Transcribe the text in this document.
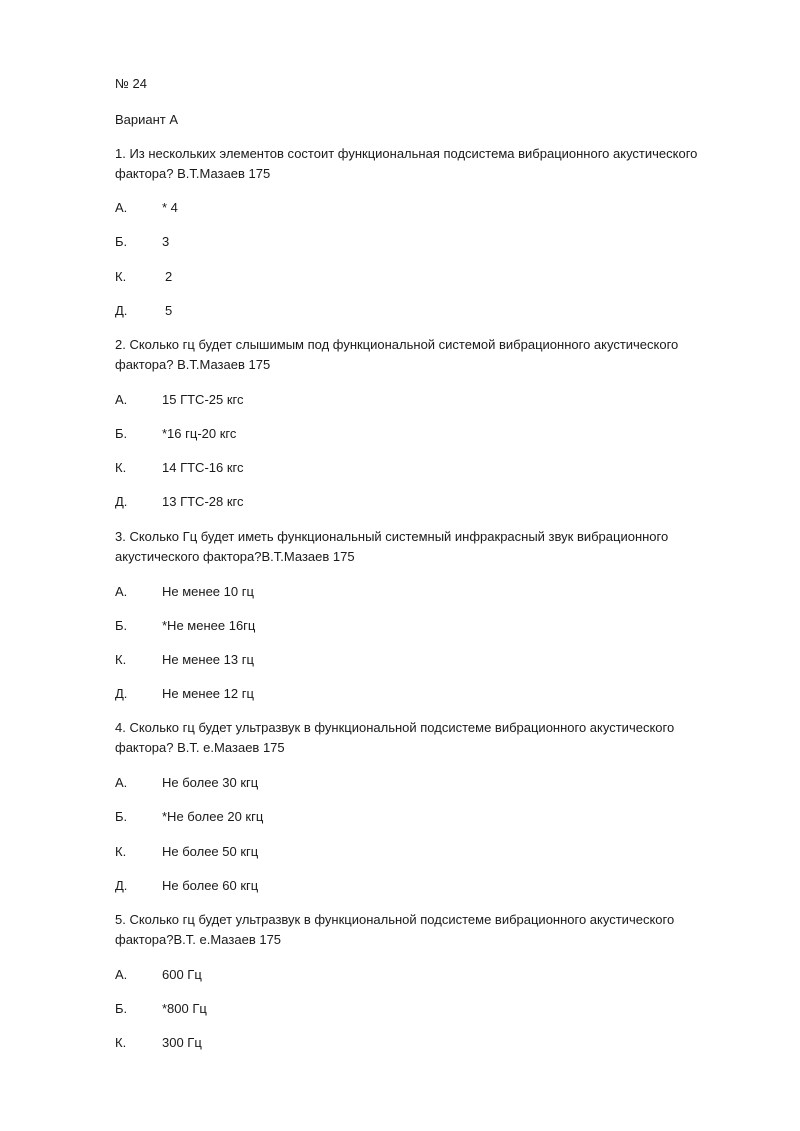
№ 24
Вариант А
1. Из нескольких элементов состоит функциональная подсистема вибрационного акустического фактора? В.Т.Мазаев 175
А.	* 4
Б.	3
К.	2
Д.	5
2. Сколько гц будет слышимым под функциональной системой вибрационного акустического фактора? В.Т.Мазаев 175
А.	15 ГТС-25 кгс
Б.	*16 гц-20 кгс
К.	14 ГТС-16 кгс
Д.	13 ГТС-28 кгс
3. Сколько Гц будет иметь функциональный системный инфракрасный звук вибрационного акустического фактора?В.Т.Мазаев 175
А.	Не менее 10 гц
Б.	*Не менее 16гц
К.	Не менее 13 гц
Д.	Не менее 12 гц
4. Сколько гц будет ультразвук в функциональной подсистеме вибрационного акустического фактора? В.Т. е.Мазаев 175
А.	Не более 30 кгц
Б.	*Не более 20 кгц
К.	Не более 50 кгц
Д.	Не более 60 кгц
5. Сколько гц будет ультразвук в функциональной подсистеме вибрационного акустического фактора?В.Т. е.Мазаев 175
А.	600 Гц
Б.	*800 Гц
К.	300 Гц
